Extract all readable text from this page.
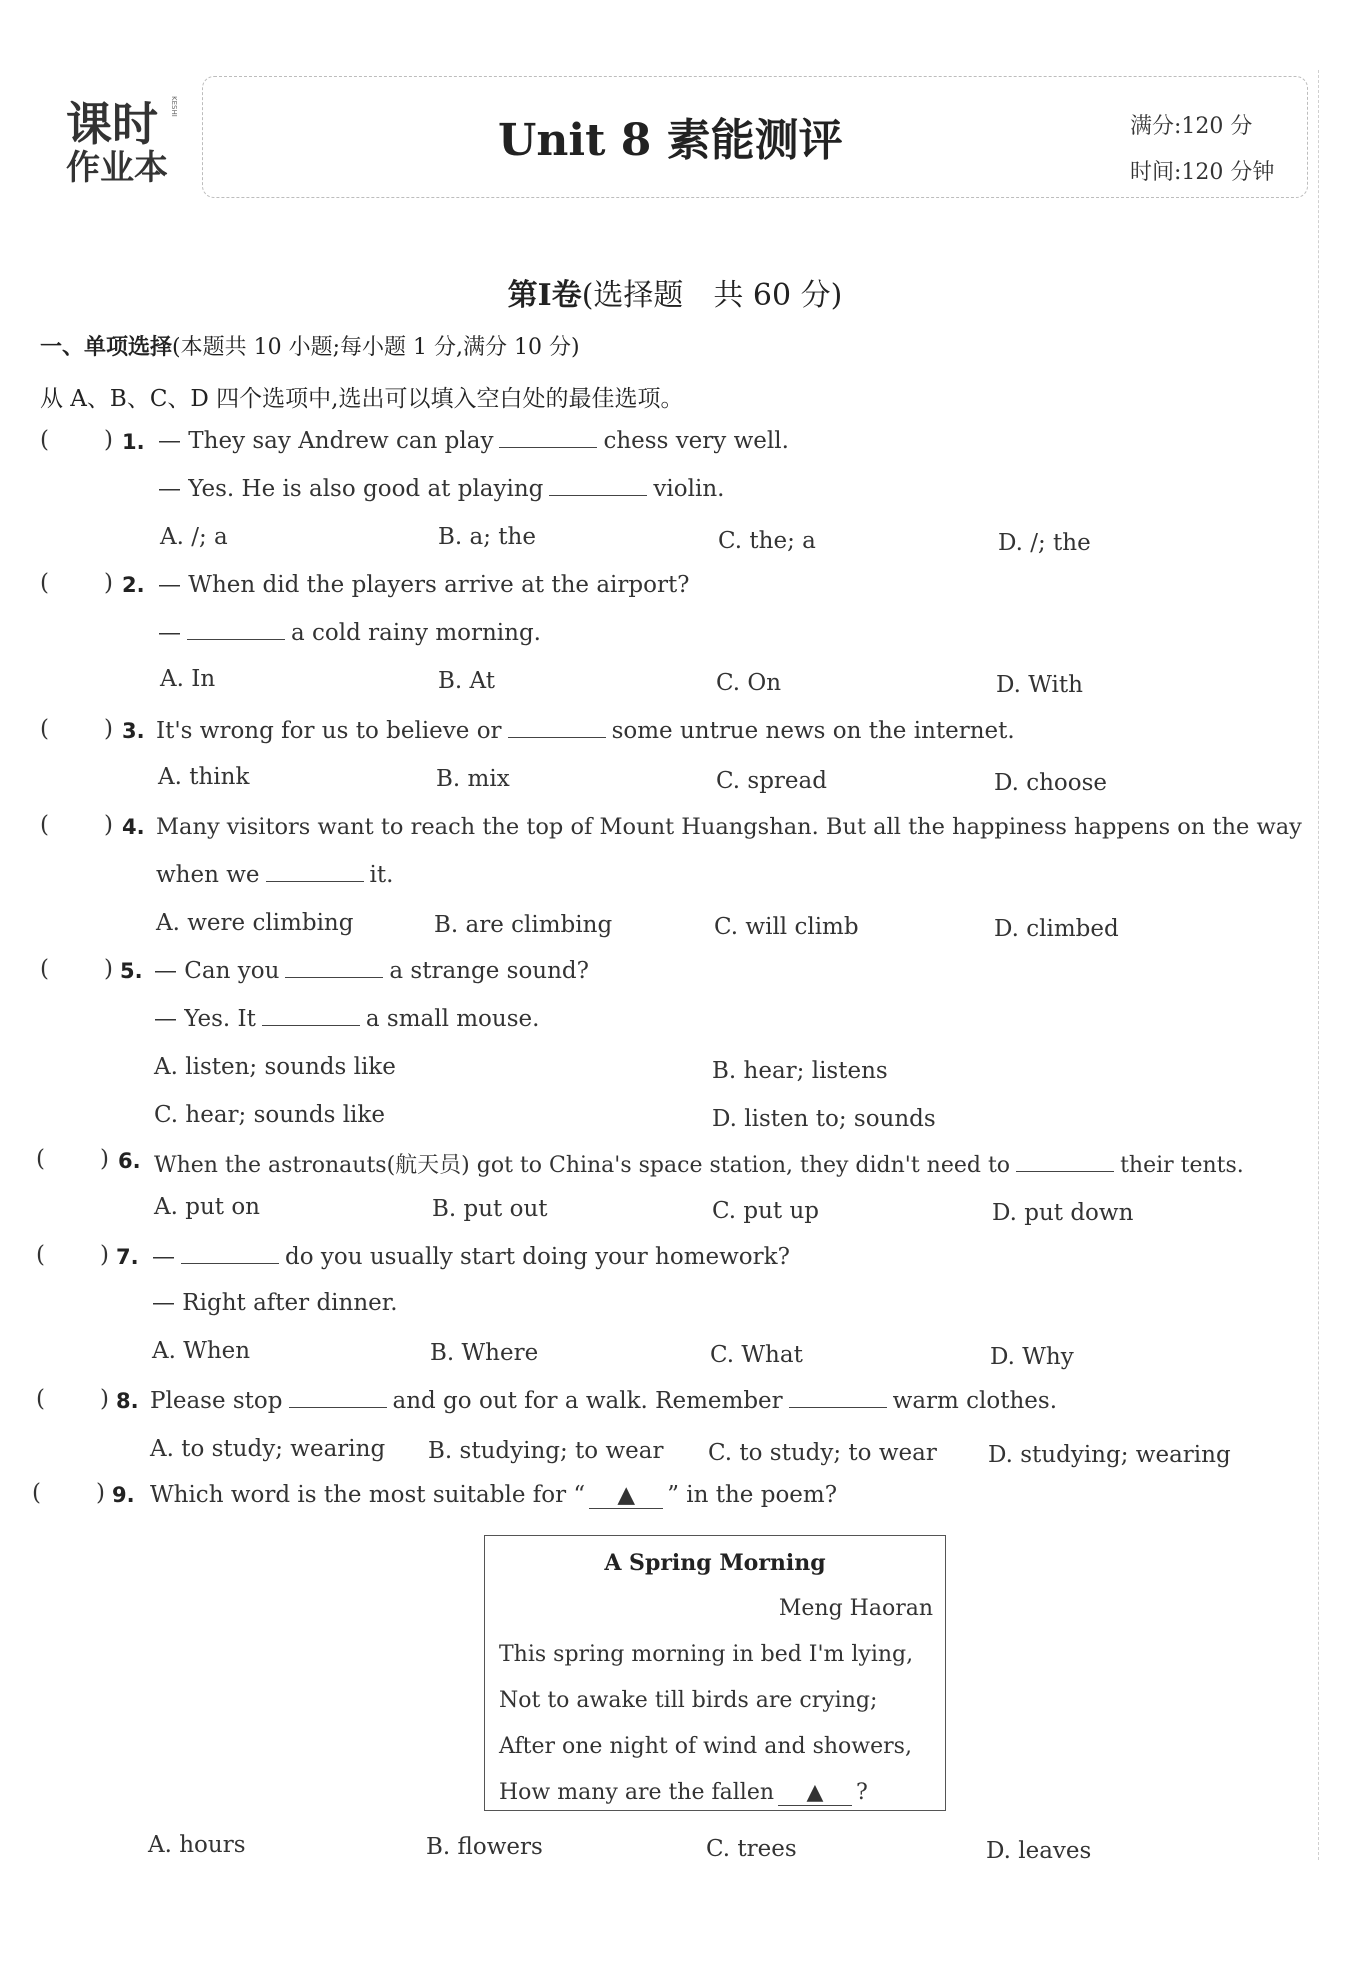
课时
作业本
KESHI
Unit 8 素能测评	满分:120 分
时间:120 分钟
第Ⅰ卷(选择题　共 60 分)
一、单项选择(本题共 10 小题;每小题 1 分,满分 10 分)
从 A、B、C、D 四个选项中,选出可以填入空白处的最佳选项。
( ) 1. — They say Andrew can play	chess very well.
— Yes. He is also good at playing	violin.
A. /; a	B. a; the	C. the; a	D. /; the
( ) 2. — When did the players arrive at the airport?
—	a cold rainy morning.
A. In	B. At	C. On	D. With
( ) 3. It's wrong for us to believe or	some untrue news on the internet.
A. think	B. mix	C. spread	D. choose
( ) 4. Many visitors want to reach the top of Mount Huangshan. But all the happiness happens on the way
when we	it.
A. were climbing	B. are climbing	C. will climb	D. climbed
( ) 5. — Can you	a strange sound?
— Yes. It	a small mouse.
A. listen; sounds like	B. hear; listens
C. hear; sounds like	D. listen to; sounds
( ) 6. When the astronauts(航天员) got to China's space station, they didn't need to	their tents.
A. put on	B. put out	C. put up	D. put down
( ) 7. —	do you usually start doing your homework?
— Right after dinner.
A. When	B. Where	C. What	D. Why
( ) 8. Please stop	and go out for a walk. Remember	warm clothes.
A. to study; wearing B. studying; to wear C. to study; to wear D. studying; wearing
( ) 9. Which word is the most suitable for “ ▲ ” in the poem?
A Spring Morning
Meng Haoran
This spring morning in bed I'm lying,
Not to awake till birds are crying;
After one night of wind and showers,
How many are the fallen ▲ ?
A. hours	B. flowers	C. trees	D. leaves
